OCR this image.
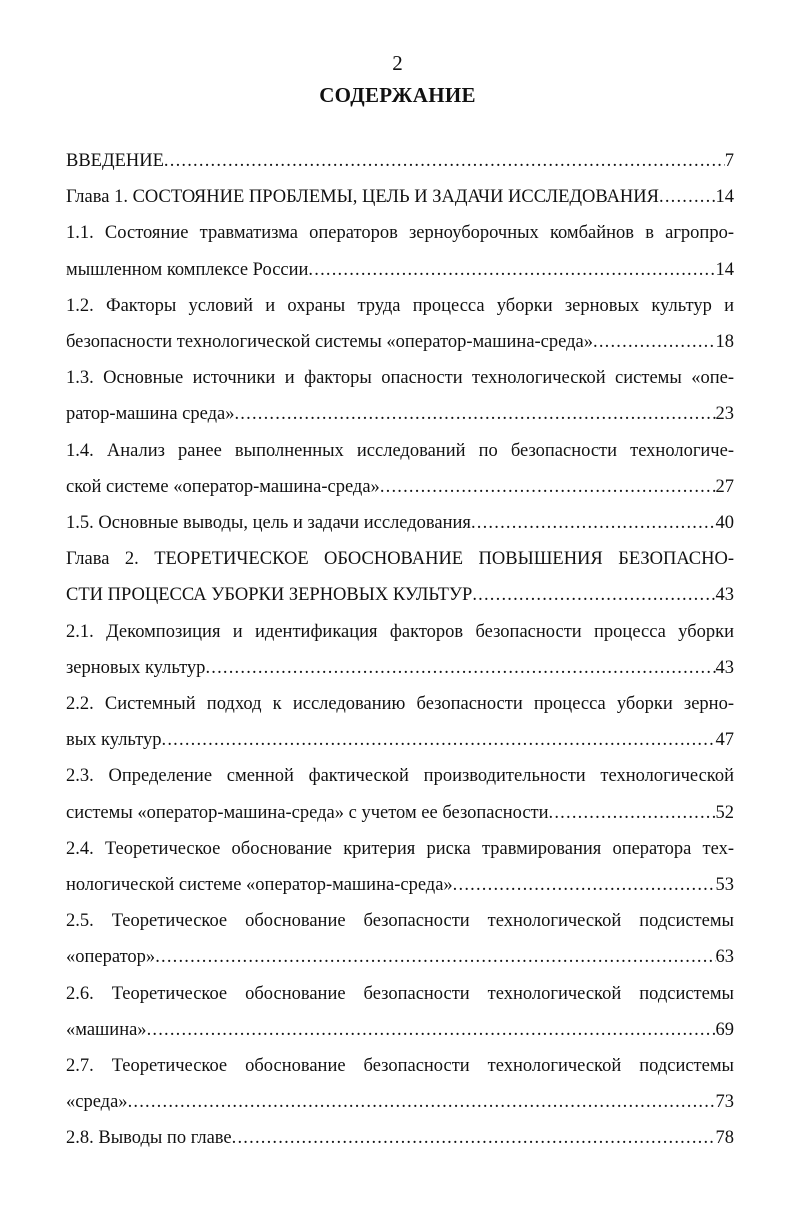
2
СОДЕРЖАНИЕ
ВВЕДЕНИЕ .....	7
Глава 1. СОСТОЯНИЕ ПРОБЛЕМЫ, ЦЕЛЬ И ЗАДАЧИ ИССЛЕДОВАНИЯ .....	14
1.1. Состояние травматизма операторов зерноуборочных комбайнов в агропро-
мышленном комплексе России .....	14
1.2. Факторы условий и охраны труда процесса уборки зерновых культур и
безопасности технологической системы «оператор-машина-среда» .....	18
1.3. Основные источники и факторы опасности технологической системы «опе-
ратор-машина среда» .....	23
1.4. Анализ ранее выполненных исследований по безопасности технологиче-
ской системе «оператор-машина-среда» .....	27
1.5. Основные выводы, цель и задачи исследования .....	40
Глава 2. ТЕОРЕТИЧЕСКОЕ ОБОСНОВАНИЕ ПОВЫШЕНИЯ БЕЗОПАСНО-
СТИ ПРОЦЕССА УБОРКИ ЗЕРНОВЫХ КУЛЬТУР .....	43
2.1. Декомпозиция и идентификация факторов безопасности процесса уборки
зерновых культур .....	43
2.2. Системный подход к исследованию безопасности процесса уборки зерно-
вых культур .....	47
2.3. Определение сменной фактической производительности технологической
системы «оператор-машина-среда» с учетом ее безопасности .....	52
2.4. Теоретическое обоснование критерия риска травмирования оператора тех-
нологической системе «оператор-машина-среда» .....	53
2.5. Теоретическое обоснование безопасности технологической подсистемы
«оператор» .....	63
2.6. Теоретическое обоснование безопасности технологической подсистемы
«машина» .....	69
2.7. Теоретическое обоснование безопасности технологической подсистемы
«среда» .....	73
2.8. Выводы по главе .....	78
